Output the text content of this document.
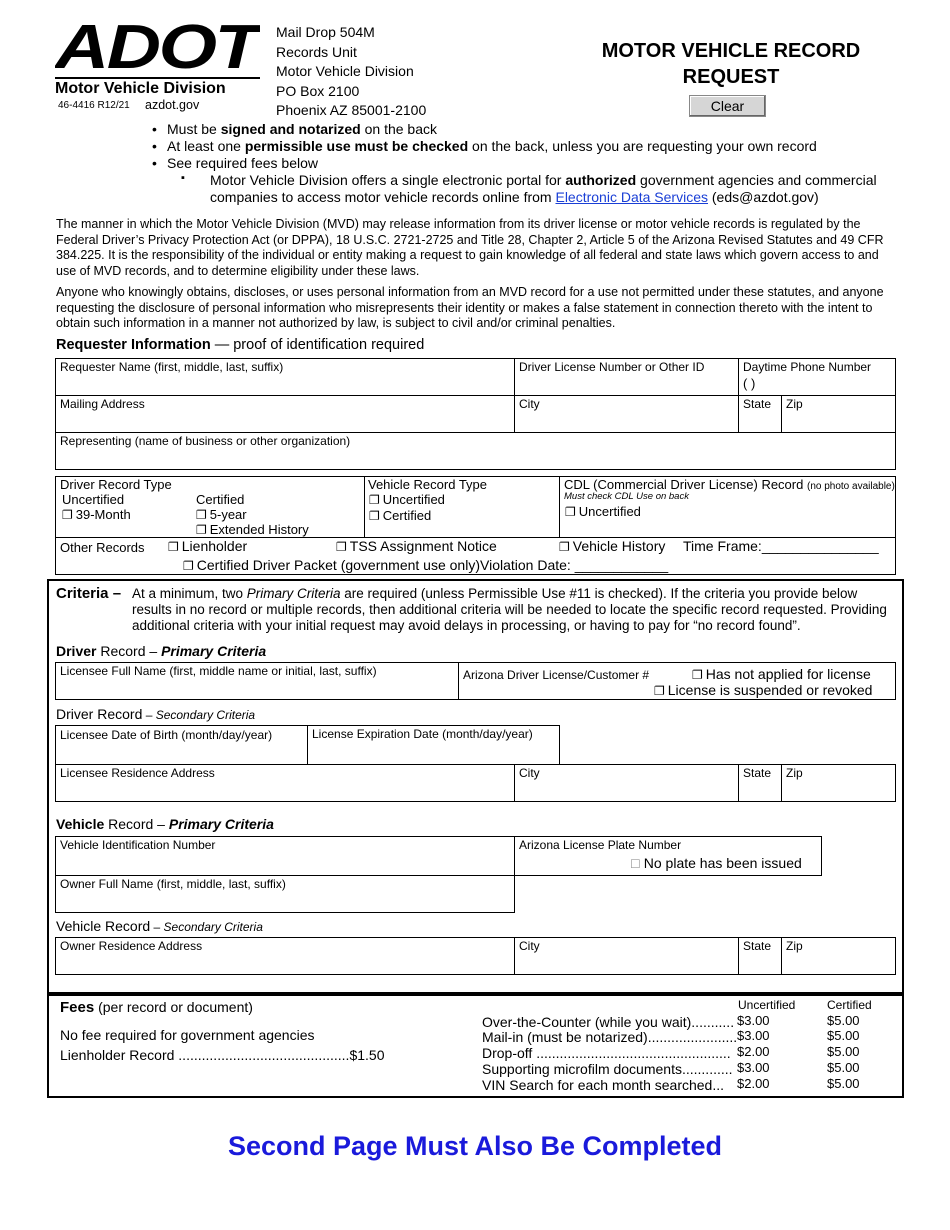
ADOT
Motor Vehicle Division
46-4416 R12/21 azdot.gov
Mail Drop 504M
Records Unit
Motor Vehicle Division
PO Box 2100
Phoenix AZ 85001-2100
MOTOR VEHICLE RECORD
REQUEST
Clear
• Must be signed and notarized on the back
• At least one permissible use must be checked on the back, unless you are requesting your own record
• See required fees below
▪ Motor Vehicle Division offers a single electronic portal for authorized government agencies and commercial companies to access motor vehicle records online from Electronic Data Services (eds@azdot.gov)
The manner in which the Motor Vehicle Division (MVD) may release information from its driver license or motor vehicle records is regulated by the Federal Driver’s Privacy Protection Act (or DPPA), 18 U.S.C. 2721-2725 and Title 28, Chapter 2, Article 5 of the Arizona Revised Statutes and 49 CFR 384.225. It is the responsibility of the individual or entity making a request to gain knowledge of all federal and state laws which govern access to and use of MVD records, and to determine eligibility under these laws.
Anyone who knowingly obtains, discloses, or uses personal information from an MVD record for a use not permitted under these statutes, and anyone requesting the disclosure of personal information who misrepresents their identity or makes a false statement in connection thereto with the intent to obtain such information in a manner not authorized by law, is subject to civil and/or criminal penalties.
Requester Information — proof of identification required
Requester Name (first, middle, last, suffix)	Driver License Number or Other ID	Daytime Phone Number
( )
Mailing Address	City	State Zip
Representing (name of business or other organization)
Driver Record Type
Uncertified
❐ 39-Month
Certified
❐ 5-year
❐ Extended History
Vehicle Record Type
❐ Uncertified
❐ Certified
CDL (Commercial Driver License) Record (no photo available)
Must check CDL Use on back
❐ Uncertified
Other Records ❐ Lienholder	❐ TSS Assignment Notice	❐ Vehicle History Time Frame:_______________
❐ Certified Driver Packet (government use only) Violation Date: ____________
Criteria – At a minimum, two Primary Criteria are required (unless Permissible Use #11 is checked). If the criteria you provide below results in no record or multiple records, then additional criteria will be needed to locate the specific record requested. Providing additional criteria with your initial request may avoid delays in processing, or having to pay for “no record found”.
Driver Record – Primary Criteria
Licensee Full Name (first, middle name or initial, last, suffix)	Arizona Driver License/Customer #	❐ Has not applied for license
❐ License is suspended or revoked
Driver Record – Secondary Criteria
Licensee Date of Birth (month/day/year)	License Expiration Date (month/day/year)
Licensee Residence Address	City	State Zip
Vehicle Record – Primary Criteria
Vehicle Identification Number	Arizona License Plate Number
☐ No plate has been issued
Owner Full Name (first, middle, last, suffix)
Vehicle Record – Secondary Criteria
Owner Residence Address	City	State Zip
Fees (per record or document)
No fee required for government agencies
Lienholder Record ............................................$1.50
Uncertified	Certified
Over-the-Counter (while you wait)........... $3.00	$5.00
Mail-in (must be notarized)....................... $3.00	$5.00
Drop-off .................................................. $2.00	$5.00
Supporting microfilm documents............. $3.00	$5.00
VIN Search for each month searched... $2.00	$5.00
Second Page Must Also Be Completed
